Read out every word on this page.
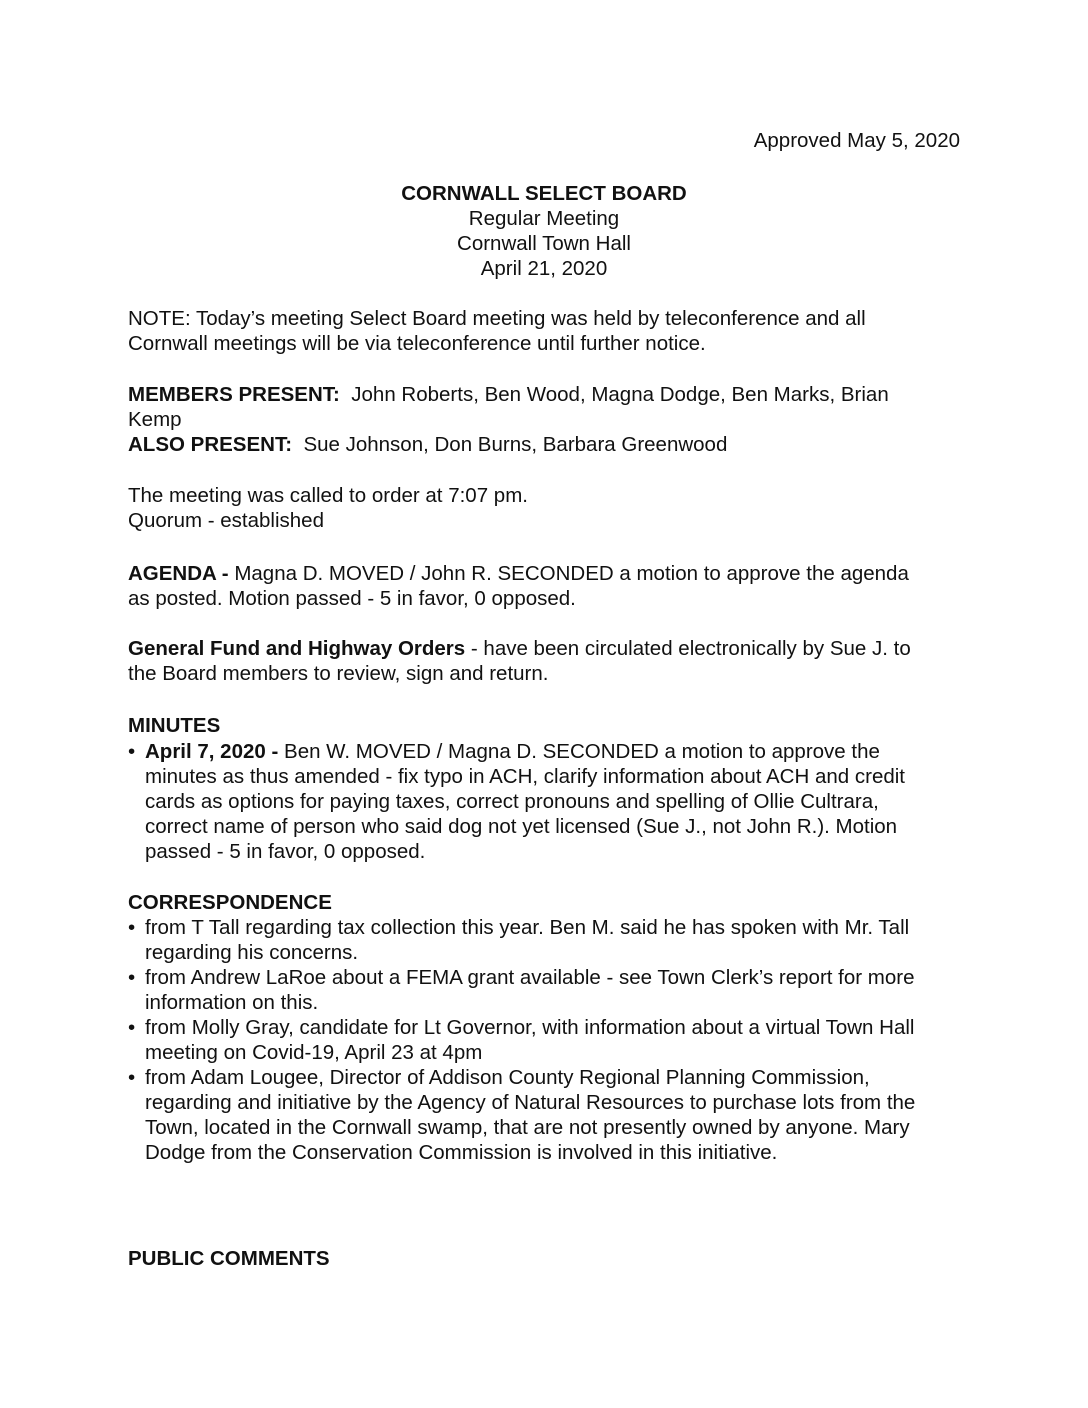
Approved May 5, 2020
CORNWALL SELECT BOARD
Regular Meeting
Cornwall Town Hall
April 21, 2020
NOTE: Today’s meeting Select Board meeting was held by teleconference and all
Cornwall meetings will be via teleconference until further notice.
MEMBERS PRESENT: John Roberts, Ben Wood, Magna Dodge, Ben Marks, Brian
Kemp
ALSO PRESENT: Sue Johnson, Don Burns, Barbara Greenwood
The meeting was called to order at 7:07 pm.
Quorum - established
AGENDA - Magna D. MOVED / John R. SECONDED a motion to approve the agenda
as posted. Motion passed - 5 in favor, 0 opposed.
General Fund and Highway Orders - have been circulated electronically by Sue J. to
the Board members to review, sign and return.
MINUTES
• April 7, 2020 - Ben W. MOVED / Magna D. SECONDED a motion to approve the
minutes as thus amended - fix typo in ACH, clarify information about ACH and credit
cards as options for paying taxes, correct pronouns and spelling of Ollie Cultrara,
correct name of person who said dog not yet licensed (Sue J., not John R.). Motion
passed - 5 in favor, 0 opposed.
CORRESPONDENCE
• from T Tall regarding tax collection this year. Ben M. said he has spoken with Mr. Tall
regarding his concerns.
• from Andrew LaRoe about a FEMA grant available - see Town Clerk’s report for more
information on this.
• from Molly Gray, candidate for Lt Governor, with information about a virtual Town Hall
meeting on Covid-19, April 23 at 4pm
• from Adam Lougee, Director of Addison County Regional Planning Commission,
regarding and initiative by the Agency of Natural Resources to purchase lots from the
Town, located in the Cornwall swamp, that are not presently owned by anyone. Mary
Dodge from the Conservation Commission is involved in this initiative.
PUBLIC COMMENTS
